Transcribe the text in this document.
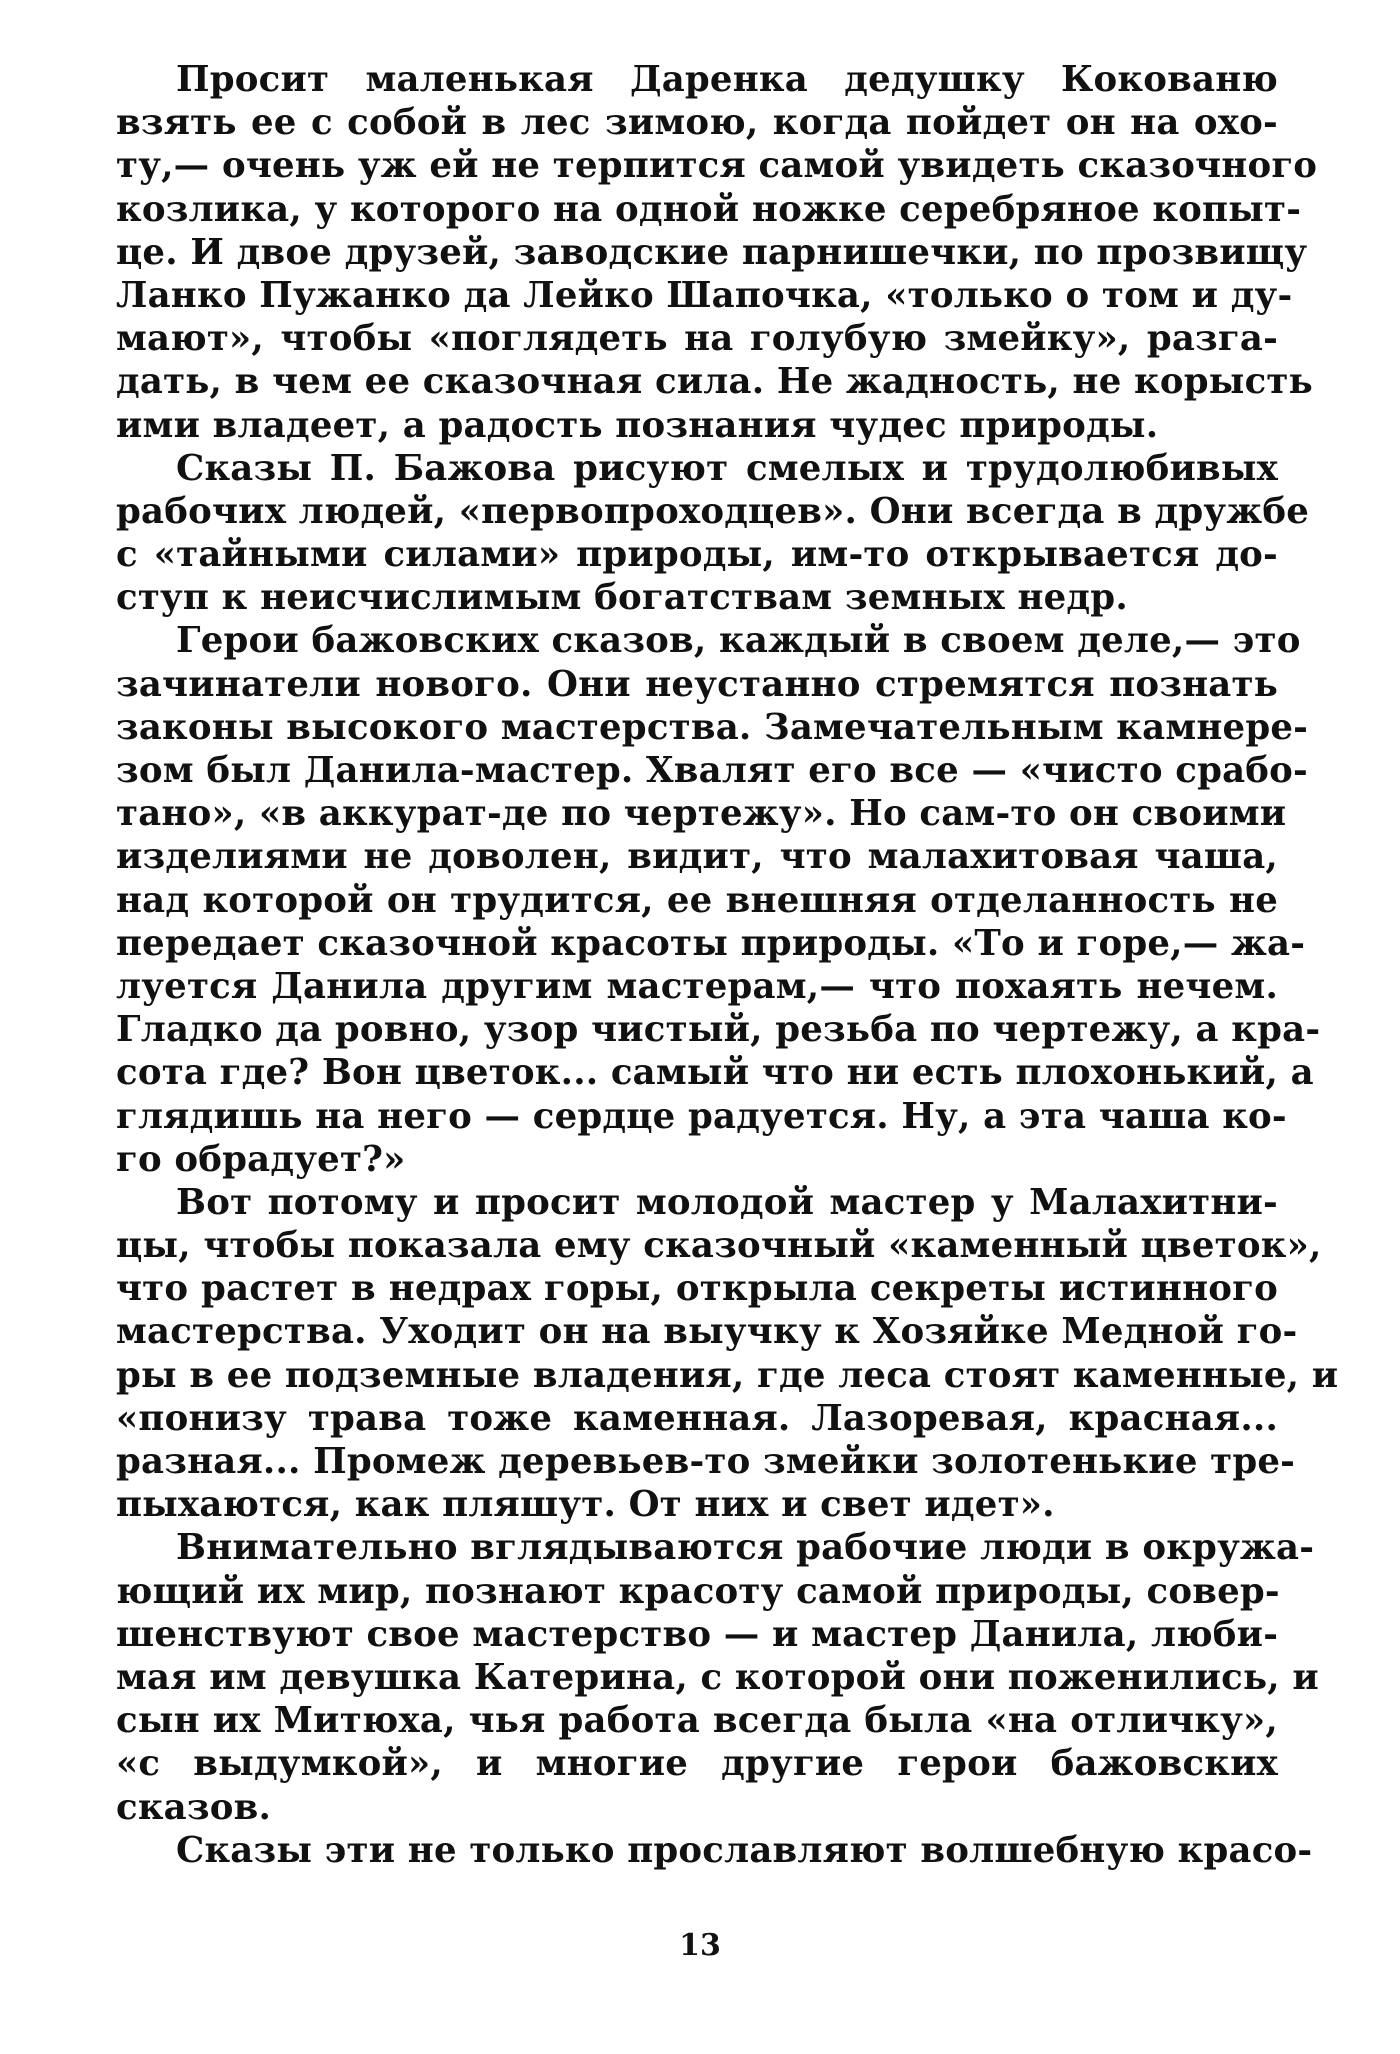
Просит маленькая Даренка дедушку Кокованю
взять ее с собой в лес зимою, когда пойдет он на охо-
ту,— очень уж ей не терпится самой увидеть сказочного
козлика, у которого на одной ножке серебряное копыт-
це. И двое друзей, заводские парнишечки, по прозвищу
Ланко Пужанко да Лейко Шапочка, «только о том и ду-
мают», чтобы «поглядеть на голубую змейку», разга-
дать, в чем ее сказочная сила. Не жадность, не корысть
ими владеет, а радость познания чудес природы.
Сказы П. Бажова рисуют смелых и трудолюбивых
рабочих людей, «первопроходцев». Они всегда в дружбе
с «тайными силами» природы, им-то открывается до-
ступ к неисчислимым богатствам земных недр.
Герои бажовских сказов, каждый в своем деле,— это
зачинатели нового. Они неустанно стремятся познать
законы высокого мастерства. Замечательным камнере-
зом был Данила-мастер. Хвалят его все — «чисто срабо-
тано», «в аккурат-де по чертежу». Но сам-то он своими
изделиями не доволен, видит, что малахитовая чаша,
над которой он трудится, ее внешняя отделанность не
передает сказочной красоты природы. «То и горе,— жа-
луется Данила другим мастерам,— что похаять нечем.
Гладко да ровно, узор чистый, резьба по чертежу, а кра-
сота где? Вон цветок... самый что ни есть плохонький, а
глядишь на него — сердце радуется. Ну, а эта чаша ко-
го обрадует?»
Вот потому и просит молодой мастер у Малахитни-
цы, чтобы показала ему сказочный «каменный цветок»,
что растет в недрах горы, открыла секреты истинного
мастерства. Уходит он на выучку к Хозяйке Медной го-
ры в ее подземные владения, где леса стоят каменные, и
«понизу трава тоже каменная. Лазоревая, красная...
разная... Промеж деревьев-то змейки золотенькие тре-
пыхаются, как пляшут. От них и свет идет».
Внимательно вглядываются рабочие люди в окружа-
ющий их мир, познают красоту самой природы, совер-
шенствуют свое мастерство — и мастер Данила, люби-
мая им девушка Катерина, с которой они поженились, и
сын их Митюха, чья работа всегда была «на отличку»,
«с выдумкой», и многие другие герои бажовских
сказов.
Сказы эти не только прославляют волшебную красо-
13
